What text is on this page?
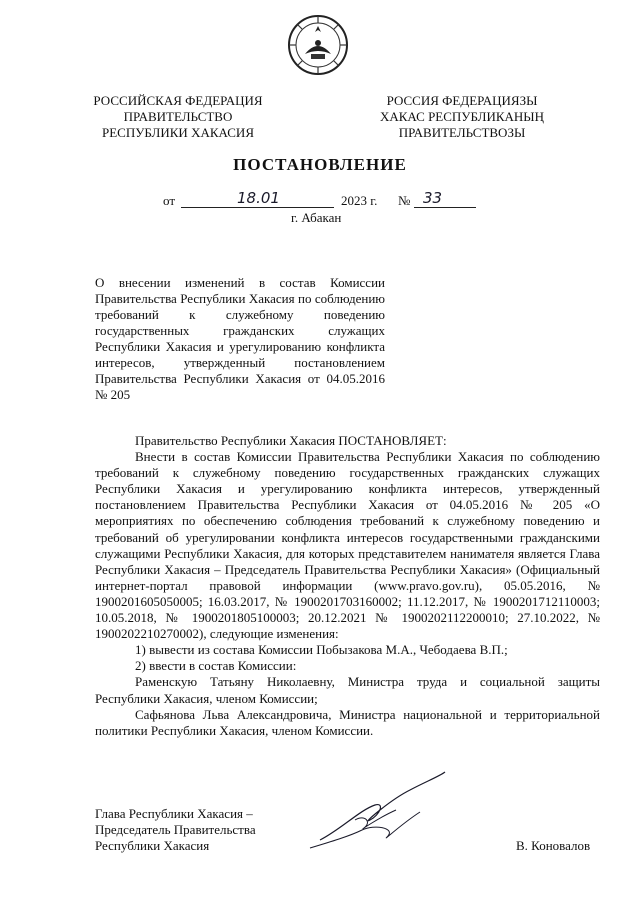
РОССИЙСКАЯ ФЕДЕРАЦИЯ
ПРАВИТЕЛЬСТВО
РЕСПУБЛИКИ ХАКАСИЯ
РОССИЯ ФЕДЕРАЦИЯЗЫ
ХАКАС РЕСПУБЛИКАНЫҢ
ПРАВИТЕЛЬСТВОЗЫ
ПОСТАНОВЛЕНИЕ
от	18.01	2023 г. № 33
г. Абакан
О внесении изменений в состав Комиссии Правительства Республики Хакасия по соблюдению требований к служебному поведению государственных гражданских служащих Республики Хакасия и урегулированию конфликта интересов, утвержденный постановлением Правительства Республики Хакасия от 04.05.2016 № 205

Правительство Республики Хакасия ПОСТАНОВЛЯЕТ:

Внести в состав Комиссии Правительства Республики Хакасия по соблюдению требований к служебному поведению государственных гражданских служащих Республики Хакасия и урегулированию конфликта интересов, утвержденный постановлением Правительства Республики Хакасия от 04.05.2016 № 205 «О мероприятиях по обеспечению соблюдения требований к служебному поведению и требований об урегулировании конфликта интересов государственными гражданскими служащими Республики Хакасия, для которых представителем нанимателя является Глава Республики Хакасия – Председатель Правительства Республики Хакасия» (Официальный интернет-портал правовой информации (www.pravo.gov.ru), 05.05.2016, № 1900201605050005; 16.03.2017, № 1900201703160002; 11.12.2017, № 1900201712110003; 10.05.2018, № 1900201805100003; 20.12.2021 № 1900202112200010; 27.10.2022, № 1900202210270002), следующие изменения:

1) вывести из состава Комиссии Побызакова М.А., Чебодаева В.П.;

2) ввести в состав Комиссии:

Раменскую Татьяну Николаевну, Министра труда и социальной защиты Республики Хакасия, членом Комиссии;

Сафьянова Льва Александровича, Министра национальной и территориальной политики Республики Хакасия, членом Комиссии.

Глава Республики Хакасия –
Председатель Правительства
Республики Хакасия	В. Коновалов
